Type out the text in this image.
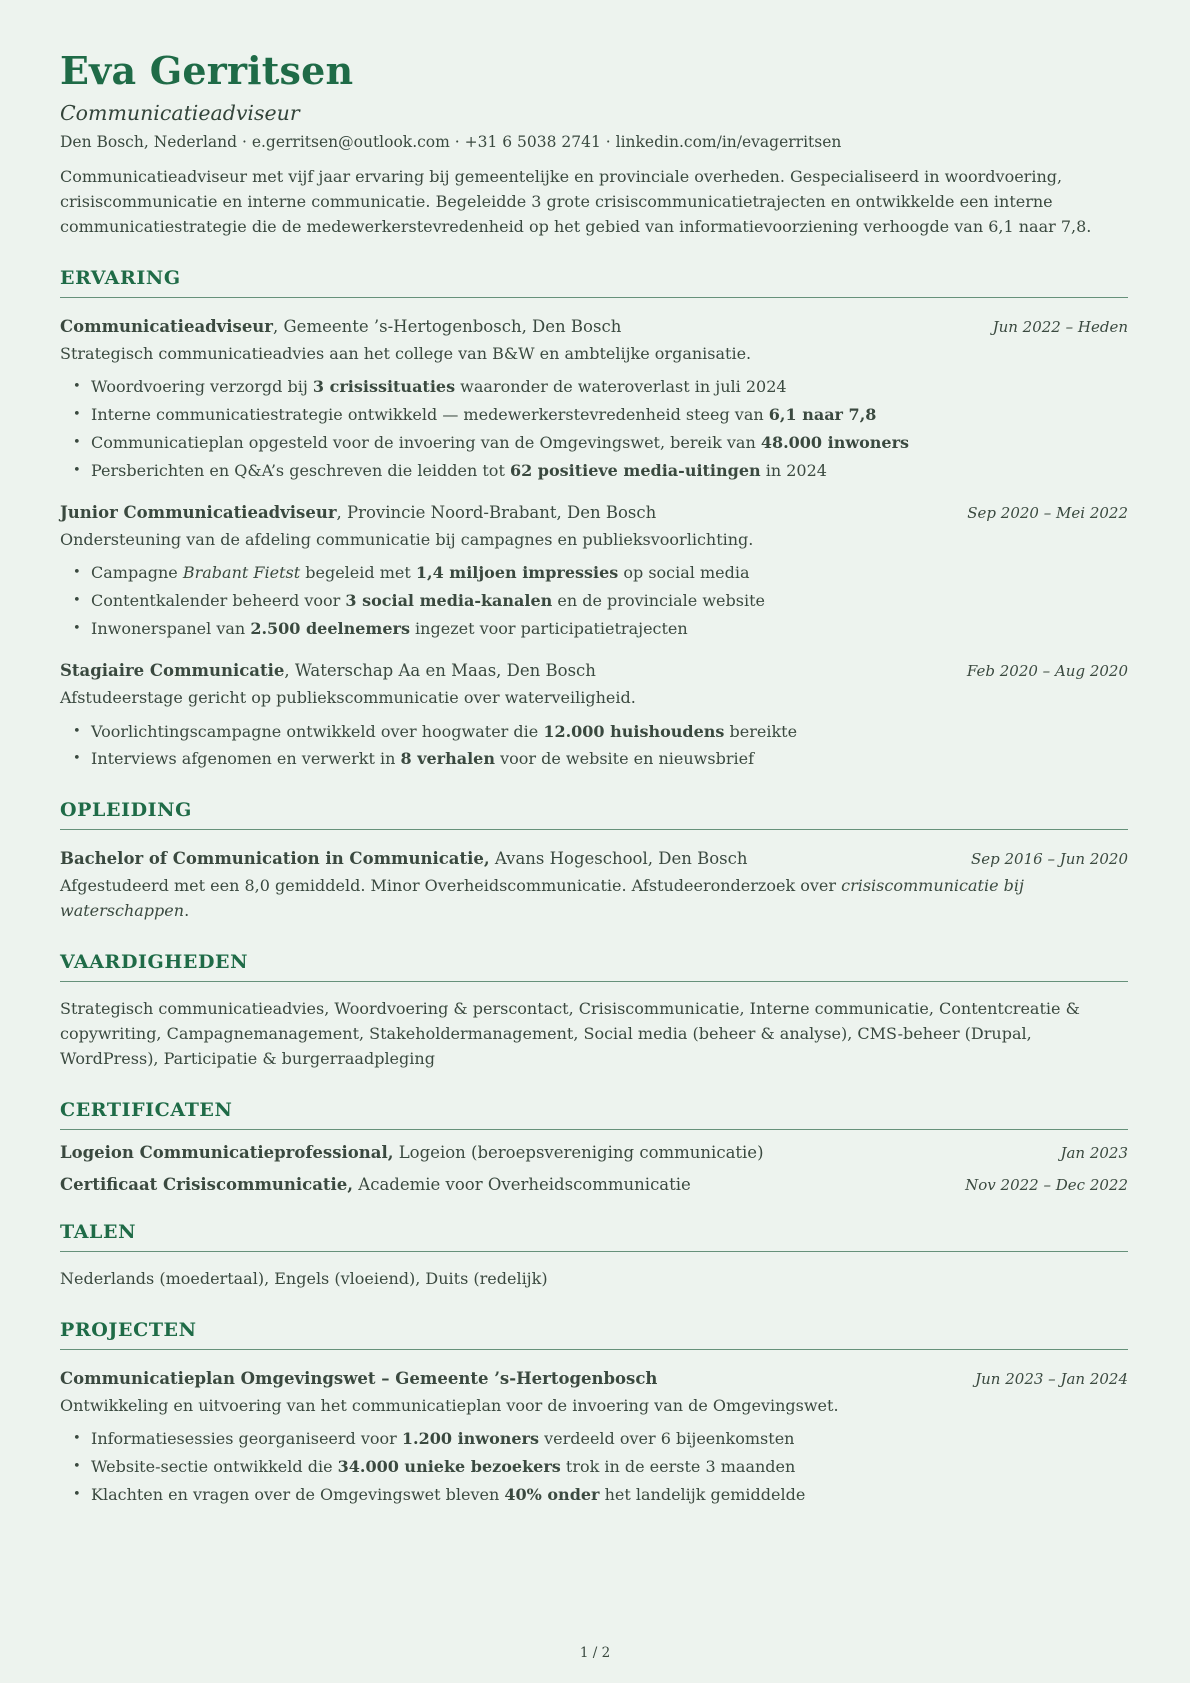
Eva Gerritsen
Communicatieadviseur
Den Bosch, Nederland · e.gerritsen@outlook.com · +31 6 5038 2741 · linkedin.com/in/evagerritsen

Communicatieadviseur met vijf jaar ervaring bij gemeentelijke en provinciale overheden. Gespecialiseerd in woordvoering, crisiscommunicatie en interne communicatie. Begeleidde 3 grote crisiscommunicatietrajecten en ontwikkelde een interne communicatiestrategie die de medewerkerstevredenheid op het gebied van informatievoorziening verhoogde van 6,1 naar 7,8.

ERVARING
Communicatieadviseur, Gemeente ’s-Hertogenbosch, Den Bosch	Jun 2022 – Heden

Strategisch communicatieadvies aan het college van B&W en ambtelijke organisatie.

• Woordvoering verzorgd bij 3 crisissituaties waaronder de wateroverlast in juli 2024
• Interne communicatiestrategie ontwikkeld — medewerkerstevredenheid steeg van 6,1 naar 7,8
• Communicatieplan opgesteld voor de invoering van de Omgevingswet, bereik van 48.000 inwoners
• Persberichten en Q&A’s geschreven die leidden tot 62 positieve media-uitingen in 2024
Junior Communicatieadviseur, Provincie Noord-Brabant, Den Bosch	Sep 2020 – Mei 2022

Ondersteuning van de afdeling communicatie bij campagnes en publieksvoorlichting.

• Campagne Brabant Fietst begeleid met 1,4 miljoen impressies op social media
• Contentkalender beheerd voor 3 social media-kanalen en de provinciale website
• Inwonerspanel van 2.500 deelnemers ingezet voor participatietrajecten
Stagiaire Communicatie, Waterschap Aa en Maas, Den Bosch	Feb 2020 – Aug 2020

Afstudeerstage gericht op publiekscommunicatie over waterveiligheid.

• Voorlichtingscampagne ontwikkeld over hoogwater die 12.000 huishoudens bereikte
• Interviews afgenomen en verwerkt in 8 verhalen voor de website en nieuwsbrief
OPLEIDING
Bachelor of Communication in Communicatie, Avans Hogeschool, Den Bosch	Sep 2016 – Jun 2020

Afgestudeerd met een 8,0 gemiddeld. Minor Overheidscommunicatie. Afstudeeronderzoek over crisiscommunicatie bij waterschappen.

VAARDIGHEDEN

Strategisch communicatieadvies, Woordvoering & perscontact, Crisiscommunicatie, Interne communicatie, Contentcreatie & copywriting, Campagnemanagement, Stakeholdermanagement, Social media (beheer & analyse), CMS-beheer (Drupal, WordPress), Participatie & burgerraadpleging

CERTIFICATEN
Logeion Communicatieprofessional, Logeion (beroepsvereniging communicatie)	Jan 2023
Certificaat Crisiscommunicatie, Academie voor Overheidscommunicatie	Nov 2022 – Dec 2022
TALEN

Nederlands (moedertaal), Engels (vloeiend), Duits (redelijk)

PROJECTEN
Communicatieplan Omgevingswet – Gemeente ’s-Hertogenbosch	Jun 2023 – Jan 2024

Ontwikkeling en uitvoering van het communicatieplan voor de invoering van de Omgevingswet.

• Informatiesessies georganiseerd voor 1.200 inwoners verdeeld over 6 bijeenkomsten
• Website-sectie ontwikkeld die 34.000 unieke bezoekers trok in de eerste 3 maanden
• Klachten en vragen over de Omgevingswet bleven 40% onder het landelijk gemiddelde
1 / 2
